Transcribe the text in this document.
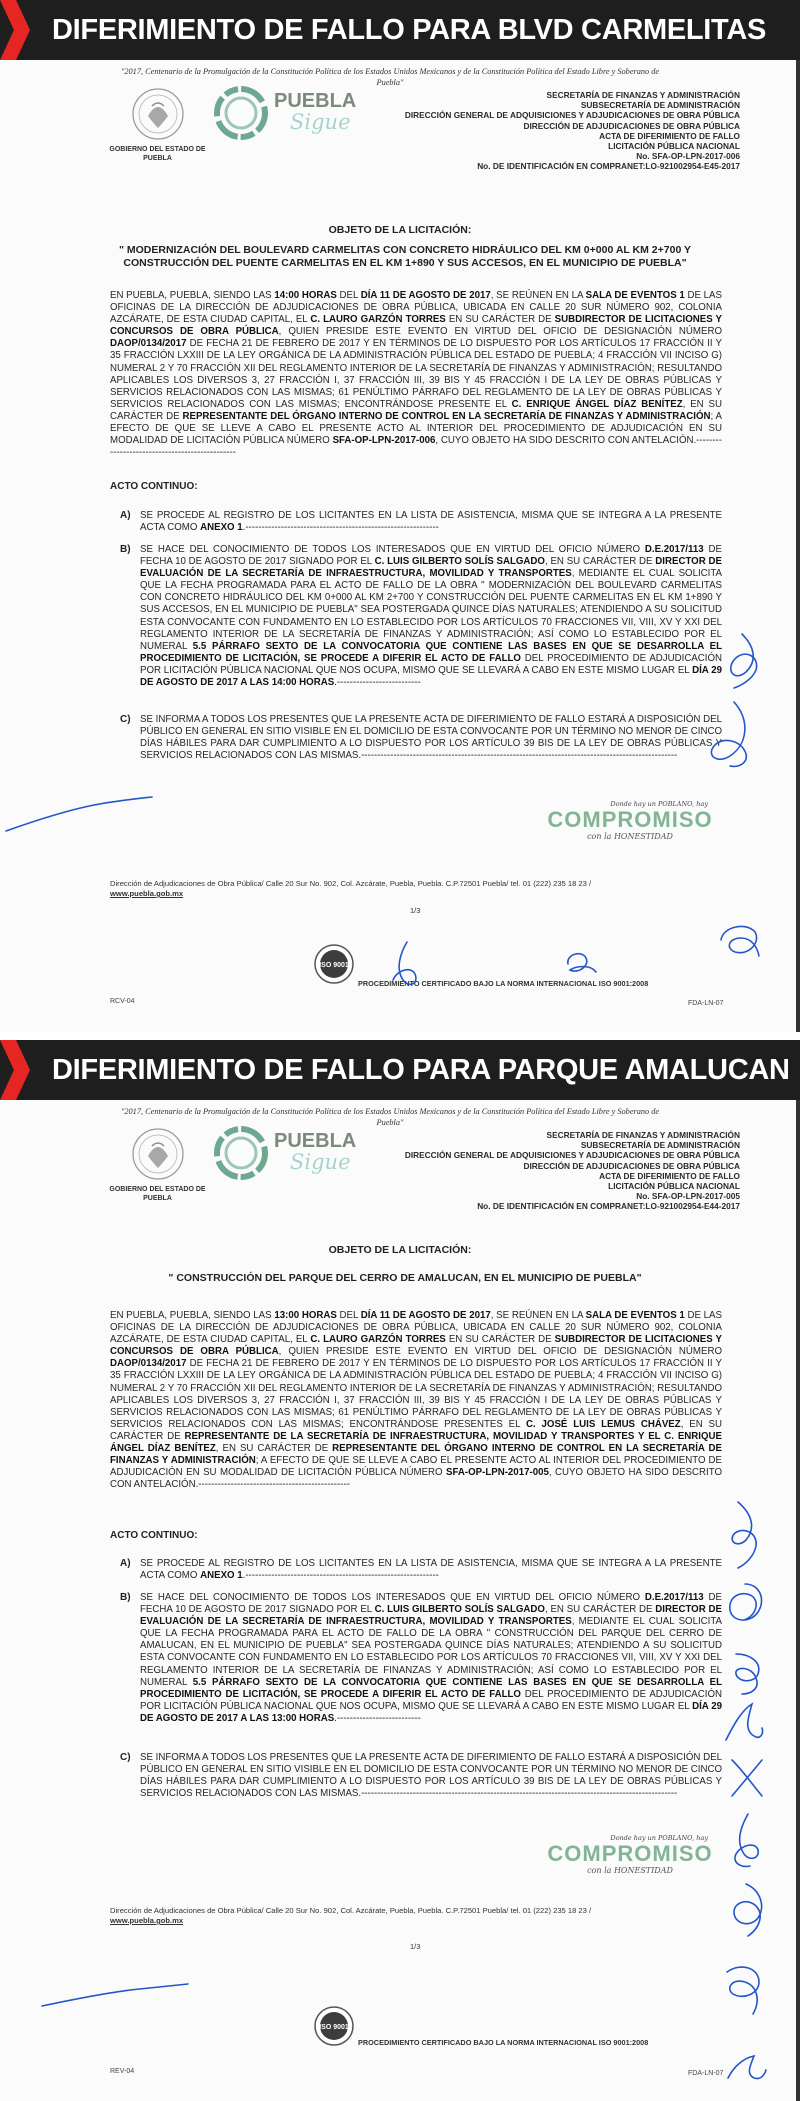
DIFERIMIENTO DE FALLO PARA BLVD CARMELITAS
"2017, Centenario de la Promulgación de la Constitución Política de los Estados Unidos Mexicanos y de la Constitución Política del Estado Libre y Soberano de Puebla"
GOBIERNO DEL ESTADO DE PUEBLA
PUEBLA
Sigue
SECRETARÍA DE FINANZAS Y ADMINISTRACIÓN
SUBSECRETARÍA DE ADMINISTRACIÓN
DIRECCIÓN GENERAL DE ADQUISICIONES Y ADJUDICACIONES DE OBRA PÚBLICA
DIRECCIÓN DE ADJUDICACIONES DE OBRA PÚBLICA
ACTA DE DIFERIMIENTO DE FALLO
LICITACIÓN PÚBLICA NACIONAL
No. SFA-OP-LPN-2017-006
No. DE IDENTIFICACIÓN EN COMPRANET:LO-921002954-E45-2017
OBJETO DE LA LICITACIÓN:
" MODERNIZACIÓN DEL BOULEVARD CARMELITAS CON CONCRETO HIDRÁULICO DEL KM 0+000 AL KM 2+700 Y CONSTRUCCIÓN DEL PUENTE CARMELITAS EN EL KM 1+890 Y SUS ACCESOS, EN EL MUNICIPIO DE PUEBLA"
EN PUEBLA, PUEBLA, SIENDO LAS 14:00 HORAS DEL DÍA 11 DE AGOSTO DE 2017, SE REÚNEN EN LA SALA DE EVENTOS 1 DE LAS OFICINAS DE LA DIRECCIÓN DE ADJUDICACIONES DE OBRA PÚBLICA, UBICADA EN CALLE 20 SUR NÚMERO 902, COLONIA AZCÁRATE, DE ESTA CIUDAD CAPITAL, EL C. LAURO GARZÓN TORRES EN SU CARÁCTER DE SUBDIRECTOR DE LICITACIONES Y CONCURSOS DE OBRA PÚBLICA, QUIEN PRESIDE ESTE EVENTO EN VIRTUD DEL OFICIO DE DESIGNACIÓN NÚMERO DAOP/0134/2017 DE FECHA 21 DE FEBRERO DE 2017 Y EN TÉRMINOS DE LO DISPUESTO POR LOS ARTÍCULOS 17 FRACCIÓN II Y 35 FRACCIÓN LXXIII DE LA LEY ORGÁNICA DE LA ADMINISTRACIÓN PÚBLICA DEL ESTADO DE PUEBLA; 4 FRACCIÓN VII INCISO G) NUMERAL 2 Y 70 FRACCIÓN XII DEL REGLAMENTO INTERIOR DE LA SECRETARÍA DE FINANZAS Y ADMINISTRACIÓN; RESULTANDO APLICABLES LOS DIVERSOS 3, 27 FRACCIÓN I, 37 FRACCIÓN III, 39 BIS Y 45 FRACCIÓN I DE LA LEY DE OBRAS PÚBLICAS Y SERVICIOS RELACIONADOS CON LAS MISMAS; 61 PENÚLTIMO PÁRRAFO DEL REGLAMENTO DE LA LEY DE OBRAS PÚBLICAS Y SERVICIOS RELACIONADOS CON LAS MISMAS; ENCONTRÁNDOSE PRESENTE EL C. ENRIQUE ÁNGEL DÍAZ BENÍTEZ, EN SU CARÁCTER DE REPRESENTANTE DEL ÓRGANO INTERNO DE CONTROL EN LA SECRETARÍA DE FINANZAS Y ADMINISTRACIÓN; A EFECTO DE QUE SE LLEVE A CABO EL PRESENTE ACTO AL INTERIOR DEL PROCEDIMIENTO DE ADJUDICACIÓN EN SU MODALIDAD DE LICITACIÓN PÚBLICA NÚMERO SFA-OP-LPN-2017-006, CUYO OBJETO HA SIDO DESCRITO CON ANTELACIÓN.-----------------------------------------------
ACTO CONTINUO:
A) SE PROCEDE AL REGISTRO DE LOS LICITANTES EN LA LISTA DE ASISTENCIA, MISMA QUE SE INTEGRA A LA PRESENTE ACTA COMO ANEXO 1.------------------------------------------------------------
B) SE HACE DEL CONOCIMIENTO DE TODOS LOS INTERESADOS QUE EN VIRTUD DEL OFICIO NÚMERO D.E.2017/113 DE FECHA 10 DE AGOSTO DE 2017 SIGNADO POR EL C. LUIS GILBERTO SOLÍS SALGADO, EN SU CARÁCTER DE DIRECTOR DE EVALUACIÓN DE LA SECRETARÍA DE INFRAESTRUCTURA, MOVILIDAD Y TRANSPORTES, MEDIANTE EL CUAL SOLICITA QUE LA FECHA PROGRAMADA PARA EL ACTO DE FALLO DE LA OBRA " MODERNIZACIÓN DEL BOULEVARD CARMELITAS CON CONCRETO HIDRÁULICO DEL KM 0+000 AL KM 2+700 Y CONSTRUCCIÓN DEL PUENTE CARMELITAS EN EL KM 1+890 Y SUS ACCESOS, EN EL MUNICIPIO DE PUEBLA" SEA POSTERGADA QUINCE DÍAS NATURALES; ATENDIENDO A SU SOLICITUD ESTA CONVOCANTE CON FUNDAMENTO EN LO ESTABLECIDO POR LOS ARTÍCULOS 70 FRACCIONES VII, VIII, XV Y XXI DEL REGLAMENTO INTERIOR DE LA SECRETARÍA DE FINANZAS Y ADMINISTRACIÓN; ASÍ COMO LO ESTABLECIDO POR EL NUMERAL 5.5 PÁRRAFO SEXTO DE LA CONVOCATORIA QUE CONTIENE LAS BASES EN QUE SE DESARROLLA EL PROCEDIMIENTO DE LICITACIÓN, SE PROCEDE A DIFERIR EL ACTO DE FALLO DEL PROCEDIMIENTO DE ADJUDICACIÓN POR LICITACIÓN PÚBLICA NACIONAL QUE NOS OCUPA, MISMO QUE SE LLEVARÁ A CABO EN ESTE MISMO LUGAR EL DÍA 29 DE AGOSTO DE 2017 A LAS 14:00 HORAS.--------------------------
C) SE INFORMA A TODOS LOS PRESENTES QUE LA PRESENTE ACTA DE DIFERIMIENTO DE FALLO ESTARÁ A DISPOSICIÓN DEL PÚBLICO EN GENERAL EN SITIO VISIBLE EN EL DOMICILIO DE ESTA CONVOCANTE POR UN TÉRMINO NO MENOR DE CINCO DÍAS HÁBILES PARA DAR CUMPLIMIENTO A LO DISPUESTO POR LOS ARTÍCULO 39 BIS DE LA LEY DE OBRAS PÚBLICAS Y SERVICIOS RELACIONADOS CON LAS MISMAS.--------------------------------------------------------------------------------------------------
Donde hay un POBLANO, hay
COMPROMISO
con la HONESTIDAD
Dirección de Adjudicaciones de Obra Pública/ Calle 20 Sur No. 902, Col. Azcárate, Puebla, Puebla. C.P.72501 Puebla/ tel. 01 (222) 235 18 23 /
www.puebla.gob.mx
1/3
ISO 9001
PROCEDIMIENTO CERTIFICADO BAJO LA NORMA INTERNACIONAL ISO 9001:2008
RCV-04	FDA-LN-07
DIFERIMIENTO DE FALLO PARA PARQUE AMALUCAN
"2017, Centenario de la Promulgación de la Constitución Política de los Estados Unidos Mexicanos y de la Constitución Política del Estado Libre y Soberano de Puebla"
GOBIERNO DEL ESTADO DE PUEBLA
PUEBLA
Sigue
SECRETARÍA DE FINANZAS Y ADMINISTRACIÓN
SUBSECRETARÍA DE ADMINISTRACIÓN
DIRECCIÓN GENERAL DE ADQUISICIONES Y ADJUDICACIONES DE OBRA PÚBLICA
DIRECCIÓN DE ADJUDICACIONES DE OBRA PÚBLICA
ACTA DE DIFERIMIENTO DE FALLO
LICITACIÓN PÚBLICA NACIONAL
No. SFA-OP-LPN-2017-005
No. DE IDENTIFICACIÓN EN COMPRANET:LO-921002954-E44-2017
OBJETO DE LA LICITACIÓN:
" CONSTRUCCIÓN DEL PARQUE DEL CERRO DE AMALUCAN, EN EL MUNICIPIO DE PUEBLA"
EN PUEBLA, PUEBLA, SIENDO LAS 13:00 HORAS DEL DÍA 11 DE AGOSTO DE 2017, SE REÚNEN EN LA SALA DE EVENTOS 1 DE LAS OFICINAS DE LA DIRECCIÓN DE ADJUDICACIONES DE OBRA PÚBLICA, UBICADA EN CALLE 20 SUR NÚMERO 902, COLONIA AZCÁRATE, DE ESTA CIUDAD CAPITAL, EL C. LAURO GARZÓN TORRES EN SU CARÁCTER DE SUBDIRECTOR DE LICITACIONES Y CONCURSOS DE OBRA PÚBLICA, QUIEN PRESIDE ESTE EVENTO EN VIRTUD DEL OFICIO DE DESIGNACIÓN NÚMERO DAOP/0134/2017 DE FECHA 21 DE FEBRERO DE 2017 Y EN TÉRMINOS DE LO DISPUESTO POR LOS ARTÍCULOS 17 FRACCIÓN II Y 35 FRACCIÓN LXXIII DE LA LEY ORGÁNICA DE LA ADMINISTRACIÓN PÚBLICA DEL ESTADO DE PUEBLA; 4 FRACCIÓN VII INCISO G) NUMERAL 2 Y 70 FRACCIÓN XII DEL REGLAMENTO INTERIOR DE LA SECRETARÍA DE FINANZAS Y ADMINISTRACIÓN; RESULTANDO APLICABLES LOS DIVERSOS 3, 27 FRACCIÓN I, 37 FRACCIÓN III, 39 BIS Y 45 FRACCIÓN I DE LA LEY DE OBRAS PÚBLICAS Y SERVICIOS RELACIONADOS CON LAS MISMAS; 61 PENÚLTIMO PÁRRAFO DEL REGLAMENTO DE LA LEY DE OBRAS PÚBLICAS Y SERVICIOS RELACIONADOS CON LAS MISMAS; ENCONTRÁNDOSE PRESENTES EL C. JOSÉ LUIS LEMUS CHÁVEZ, EN SU CARÁCTER DE REPRESENTANTE DE LA SECRETARÍA DE INFRAESTRUCTURA, MOVILIDAD Y TRANSPORTES Y EL C. ENRIQUE ÁNGEL DÍAZ BENÍTEZ, EN SU CARÁCTER DE REPRESENTANTE DEL ÓRGANO INTERNO DE CONTROL EN LA SECRETARÍA DE FINANZAS Y ADMINISTRACIÓN; A EFECTO DE QUE SE LLEVE A CABO EL PRESENTE ACTO AL INTERIOR DEL PROCEDIMIENTO DE ADJUDICACIÓN EN SU MODALIDAD DE LICITACIÓN PÚBLICA NÚMERO SFA-OP-LPN-2017-005, CUYO OBJETO HA SIDO DESCRITO CON ANTELACIÓN.-----------------------------------------------
ACTO CONTINUO:
A) SE PROCEDE AL REGISTRO DE LOS LICITANTES EN LA LISTA DE ASISTENCIA, MISMA QUE SE INTEGRA A LA PRESENTE ACTA COMO ANEXO 1.------------------------------------------------------------
B) SE HACE DEL CONOCIMIENTO DE TODOS LOS INTERESADOS QUE EN VIRTUD DEL OFICIO NÚMERO D.E.2017/113 DE FECHA 10 DE AGOSTO DE 2017 SIGNADO POR EL C. LUIS GILBERTO SOLÍS SALGADO, EN SU CARÁCTER DE DIRECTOR DE EVALUACIÓN DE LA SECRETARÍA DE INFRAESTRUCTURA, MOVILIDAD Y TRANSPORTES, MEDIANTE EL CUAL SOLICITA QUE LA FECHA PROGRAMADA PARA EL ACTO DE FALLO DE LA OBRA " CONSTRUCCIÓN DEL PARQUE DEL CERRO DE AMALUCAN, EN EL MUNICIPIO DE PUEBLA" SEA POSTERGADA QUINCE DÍAS NATURALES; ATENDIENDO A SU SOLICITUD ESTA CONVOCANTE CON FUNDAMENTO EN LO ESTABLECIDO POR LOS ARTÍCULOS 70 FRACCIONES VII, VIII, XV Y XXI DEL REGLAMENTO INTERIOR DE LA SECRETARÍA DE FINANZAS Y ADMINISTRACIÓN; ASÍ COMO LO ESTABLECIDO POR EL NUMERAL 5.5 PÁRRAFO SEXTO DE LA CONVOCATORIA QUE CONTIENE LAS BASES EN QUE SE DESARROLLA EL PROCEDIMIENTO DE LICITACIÓN, SE PROCEDE A DIFERIR EL ACTO DE FALLO DEL PROCEDIMIENTO DE ADJUDICACIÓN POR LICITACIÓN PÚBLICA NACIONAL QUE NOS OCUPA, MISMO QUE SE LLEVARÁ A CABO EN ESTE MISMO LUGAR EL DÍA 29 DE AGOSTO DE 2017 A LAS 13:00 HORAS.--------------------------
C) SE INFORMA A TODOS LOS PRESENTES QUE LA PRESENTE ACTA DE DIFERIMIENTO DE FALLO ESTARÁ A DISPOSICIÓN DEL PÚBLICO EN GENERAL EN SITIO VISIBLE EN EL DOMICILIO DE ESTA CONVOCANTE POR UN TÉRMINO NO MENOR DE CINCO DÍAS HÁBILES PARA DAR CUMPLIMIENTO A LO DISPUESTO POR LOS ARTÍCULO 39 BIS DE LA LEY DE OBRAS PÚBLICAS Y SERVICIOS RELACIONADOS CON LAS MISMAS.--------------------------------------------------------------------------------------------------
Donde hay un POBLANO, hay
COMPROMISO
con la HONESTIDAD
Dirección de Adjudicaciones de Obra Pública/ Calle 20 Sur No. 902, Col. Azcárate, Puebla, Puebla. C.P.72501 Puebla/ tel. 01 (222) 235 18 23 /
www.puebla.gob.mx
1/3
ISO 9001
PROCEDIMIENTO CERTIFICADO BAJO LA NORMA INTERNACIONAL ISO 9001:2008
REV-04	FDA-LN-07
